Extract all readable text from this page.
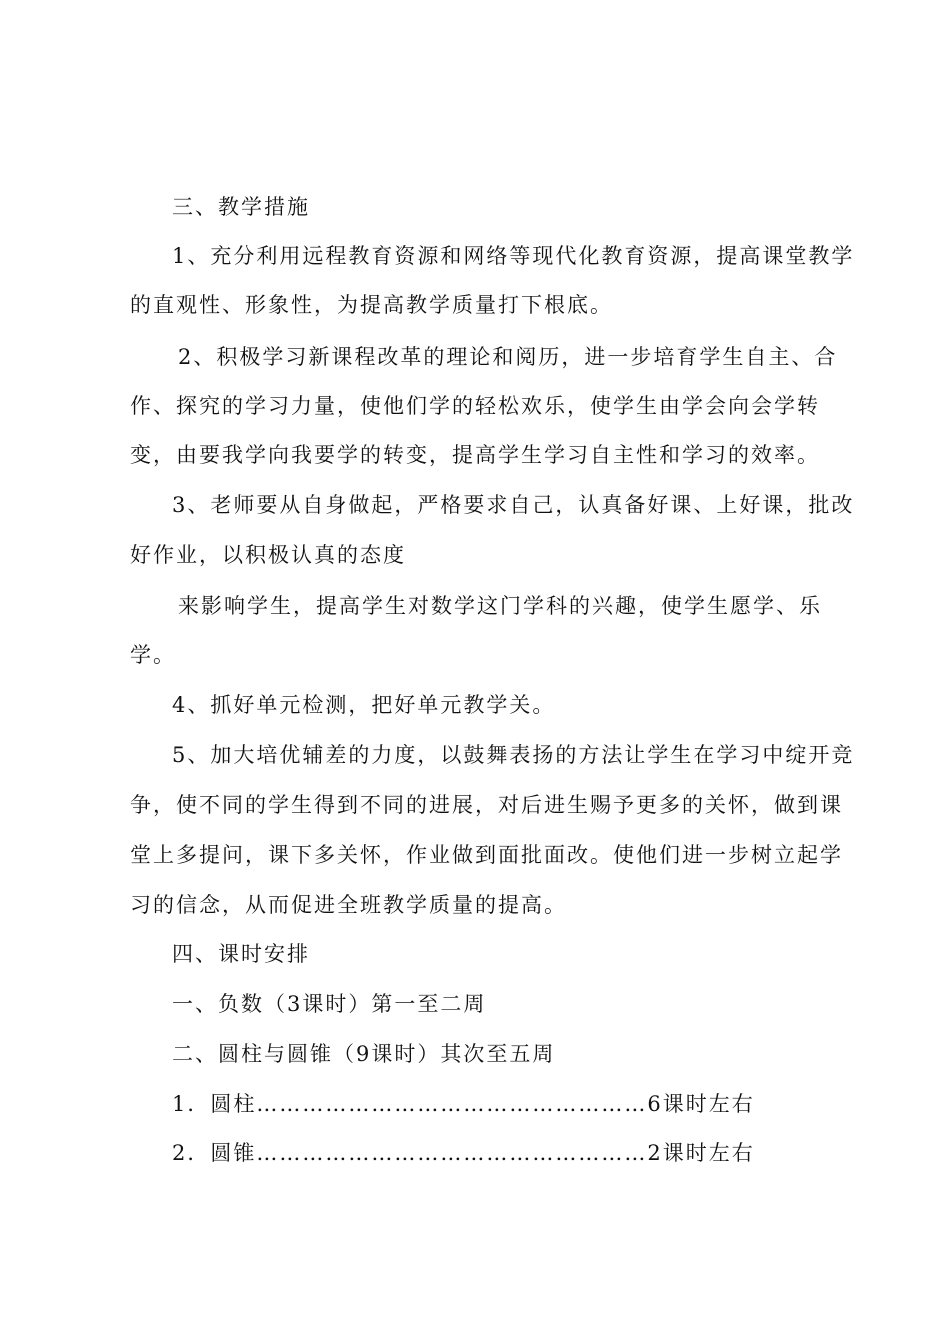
三、教学措施
1、充分利用远程教育资源和网络等现代化教育资源，提高课堂教学
的直观性、形象性，为提高教学质量打下根底。
2、积极学习新课程改革的理论和阅历，进一步培育学生自主、合
作、探究的学习力量，使他们学的轻松欢乐，使学生由学会向会学转
变，由要我学向我要学的转变，提高学生学习自主性和学习的效率。
3、老师要从自身做起，严格要求自己，认真备好课、上好课，批改
好作业，以积极认真的态度
来影响学生，提高学生对数学这门学科的兴趣，使学生愿学、乐
学。
4、抓好单元检测，把好单元教学关。
5、加大培优辅差的力度，以鼓舞表扬的方法让学生在学习中绽开竞
争，使不同的学生得到不同的进展，对后进生赐予更多的关怀，做到课
堂上多提问，课下多关怀，作业做到面批面改。使他们进一步树立起学
习的信念，从而促进全班教学质量的提高。
四、课时安排
一、负数（3课时）第一至二周
二、圆柱与圆锥（9课时）其次至五周
1．圆柱……………………………………………6课时左右
2．圆锥……………………………………………2课时左右
